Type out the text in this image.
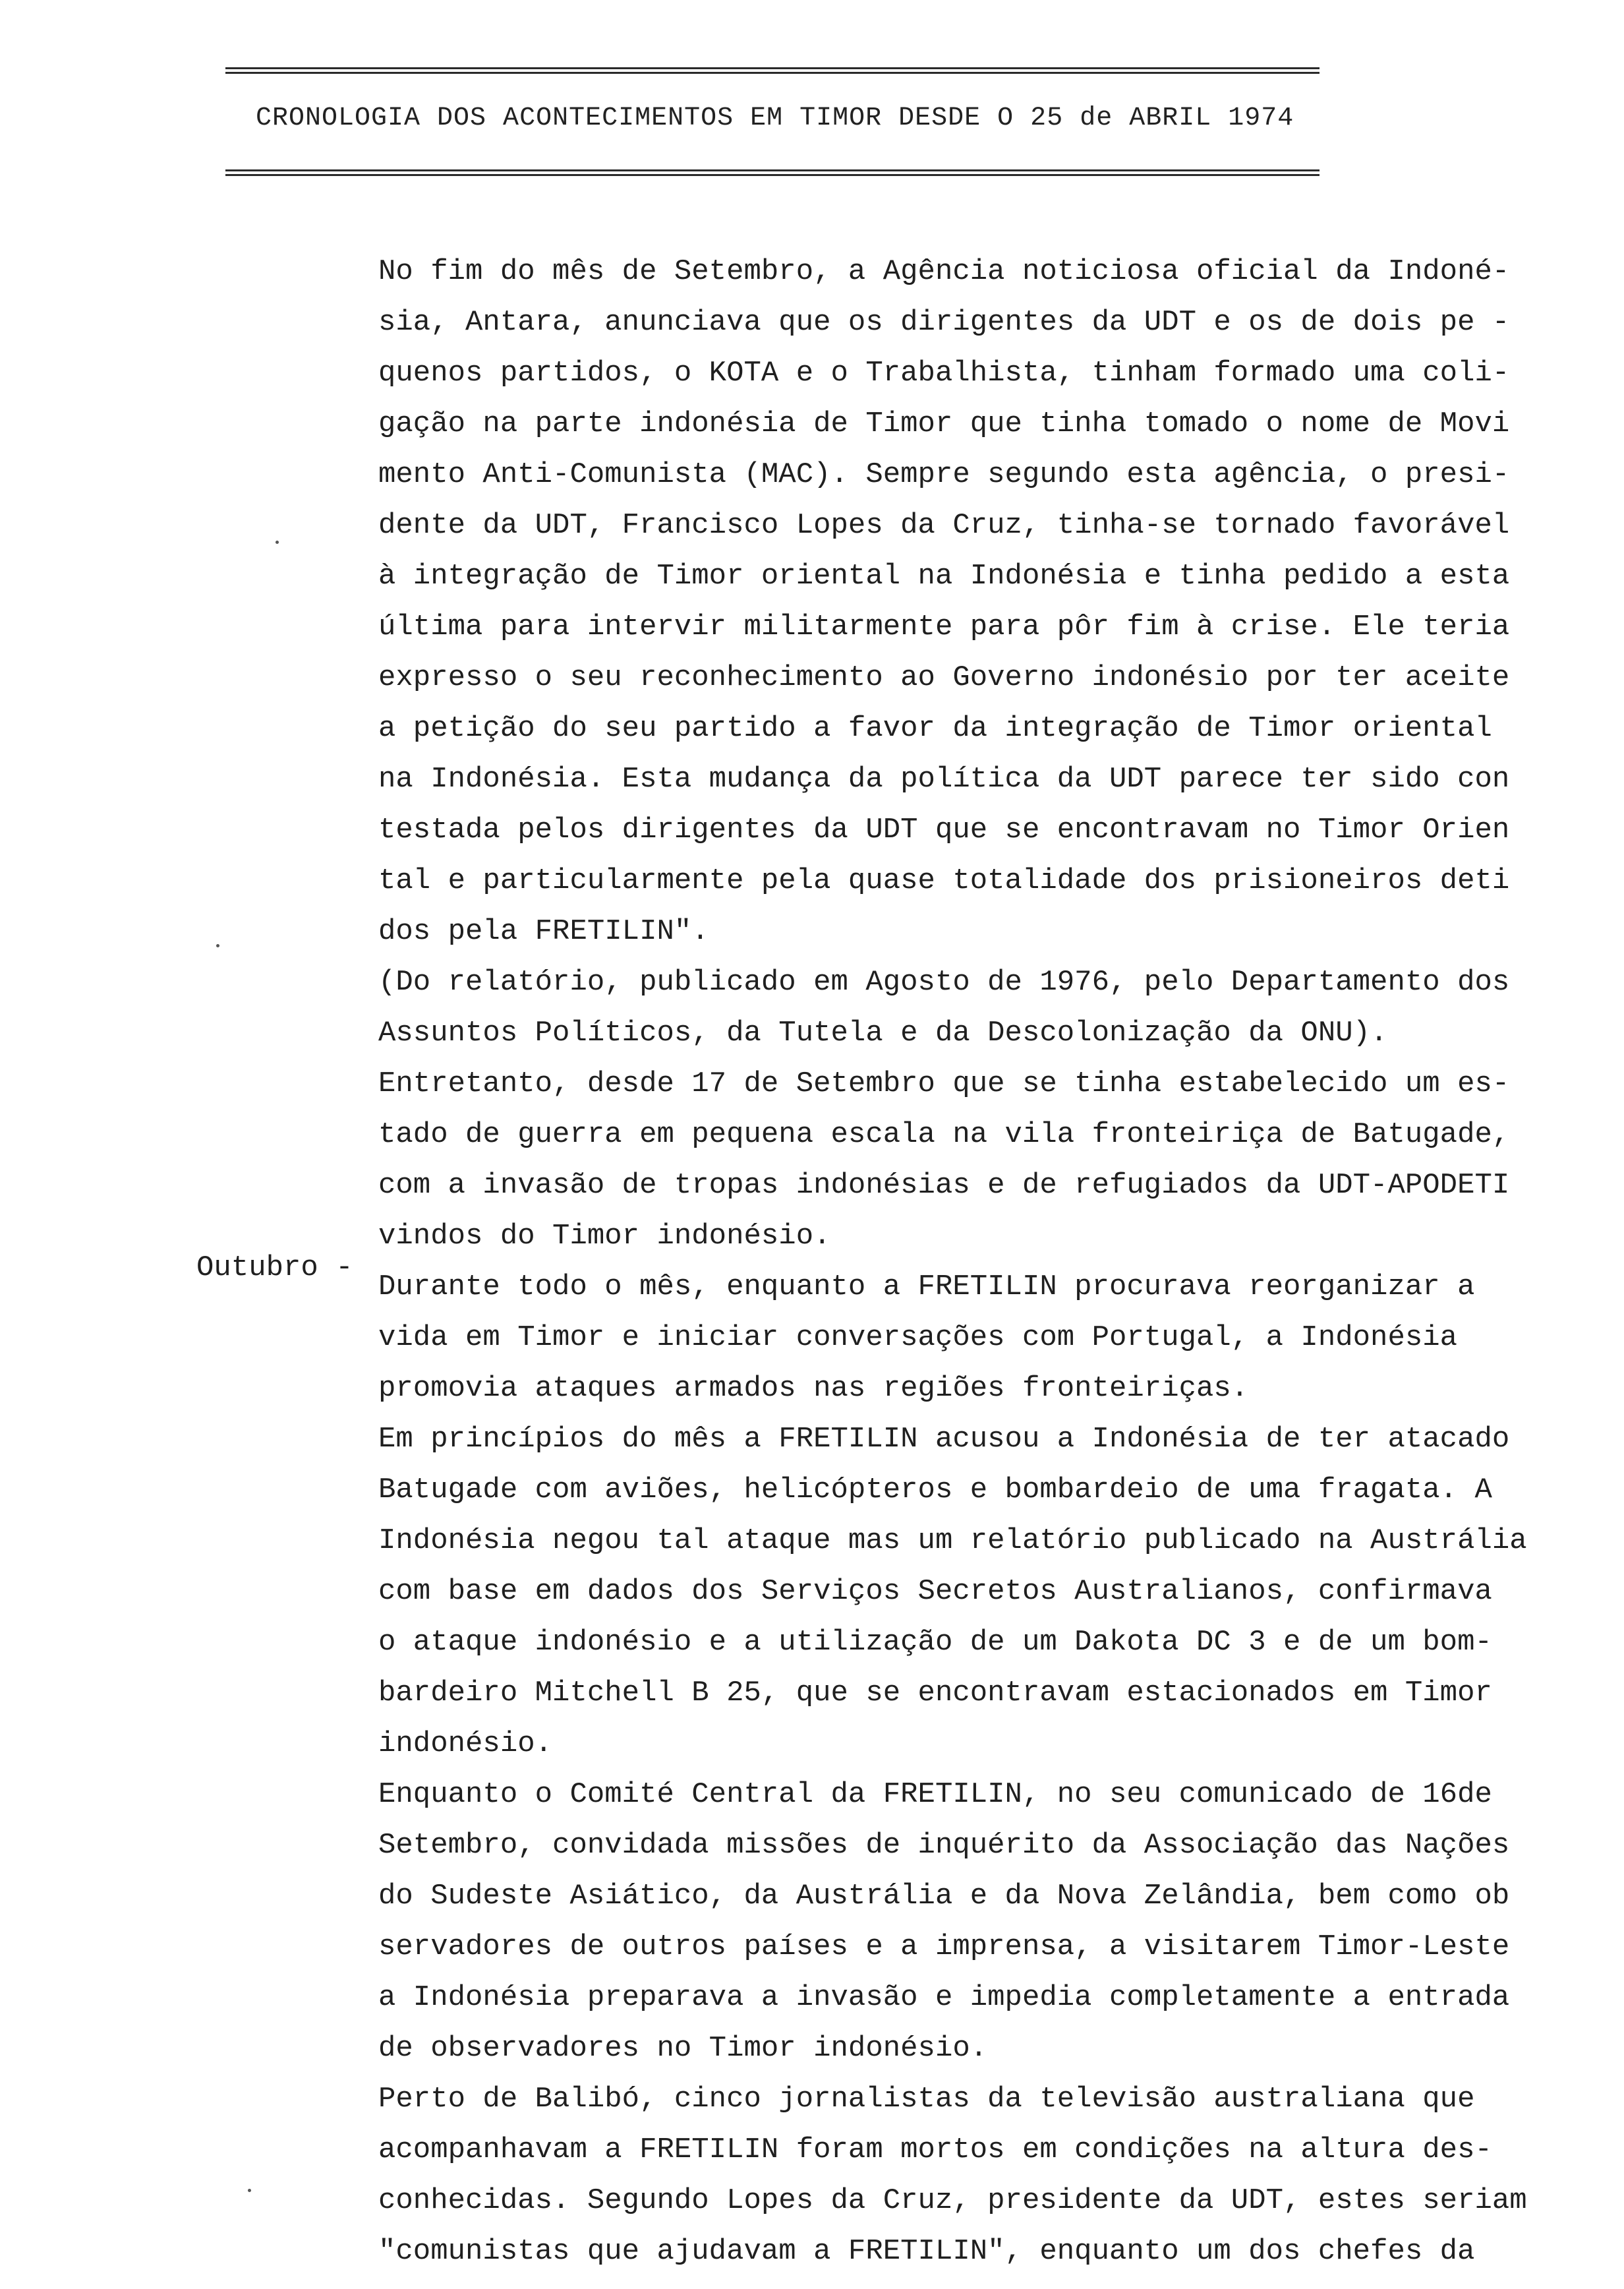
CRONOLOGIA DOS ACONTECIMENTOS EM TIMOR DESDE O 25 de ABRIL 1974
Outubro -
No fim do mês de Setembro, a Agência noticiosa oficial da Indoné-
sia, Antara, anunciava que os dirigentes da UDT e os de dois pe -
quenos partidos, o KOTA e o Trabalhista, tinham formado uma coli-
gação na parte indonésia de Timor que tinha tomado o nome de Movi
mento Anti-Comunista (MAC). Sempre segundo esta agência, o presi-
dente da UDT, Francisco Lopes da Cruz, tinha-se tornado favorável
à integração de Timor oriental na Indonésia e tinha pedido a esta
última para intervir militarmente para pôr fim à crise. Ele teria
expresso o seu reconhecimento ao Governo indonésio por ter aceite
a petição do seu partido a favor da integração de Timor oriental
na Indonésia. Esta mudança da política da UDT parece ter sido con
testada pelos dirigentes da UDT que se encontravam no Timor Orien
tal e particularmente pela quase totalidade dos prisioneiros deti
dos pela FRETILIN".
(Do relatório, publicado em Agosto de 1976, pelo Departamento dos
Assuntos Políticos, da Tutela e da Descolonização da ONU).
Entretanto, desde 17 de Setembro que se tinha estabelecido um es-
tado de guerra em pequena escala na vila fronteiriça de Batugade,
com a invasão de tropas indonésias e de refugiados da UDT-APODETI
vindos do Timor indonésio.
Durante todo o mês, enquanto a FRETILIN procurava reorganizar a
vida em Timor e iniciar conversações com Portugal, a Indonésia
promovia ataques armados nas regiões fronteiriças.
Em princípios do mês a FRETILIN acusou a Indonésia de ter atacado
Batugade com aviões, helicópteros e bombardeio de uma fragata. A
Indonésia negou tal ataque mas um relatório publicado na Austrália
com base em dados dos Serviços Secretos Australianos, confirmava
o ataque indonésio e a utilização de um Dakota DC 3 e de um bom-
bardeiro Mitchell B 25, que se encontravam estacionados em Timor
indonésio.
Enquanto o Comité Central da FRETILIN, no seu comunicado de 16de
Setembro, convidada missões de inquérito da Associação das Nações
do Sudeste Asiático, da Austrália e da Nova Zelândia, bem como ob
servadores de outros países e a imprensa, a visitarem Timor-Leste
a Indonésia preparava a invasão e impedia completamente a entrada
de observadores no Timor indonésio.
Perto de Balibó, cinco jornalistas da televisão australiana que
acompanhavam a FRETILIN foram mortos em condições na altura des-
conhecidas. Segundo Lopes da Cruz, presidente da UDT, estes seriam
"comunistas que ajudavam a FRETILIN", enquanto um dos chefes da
